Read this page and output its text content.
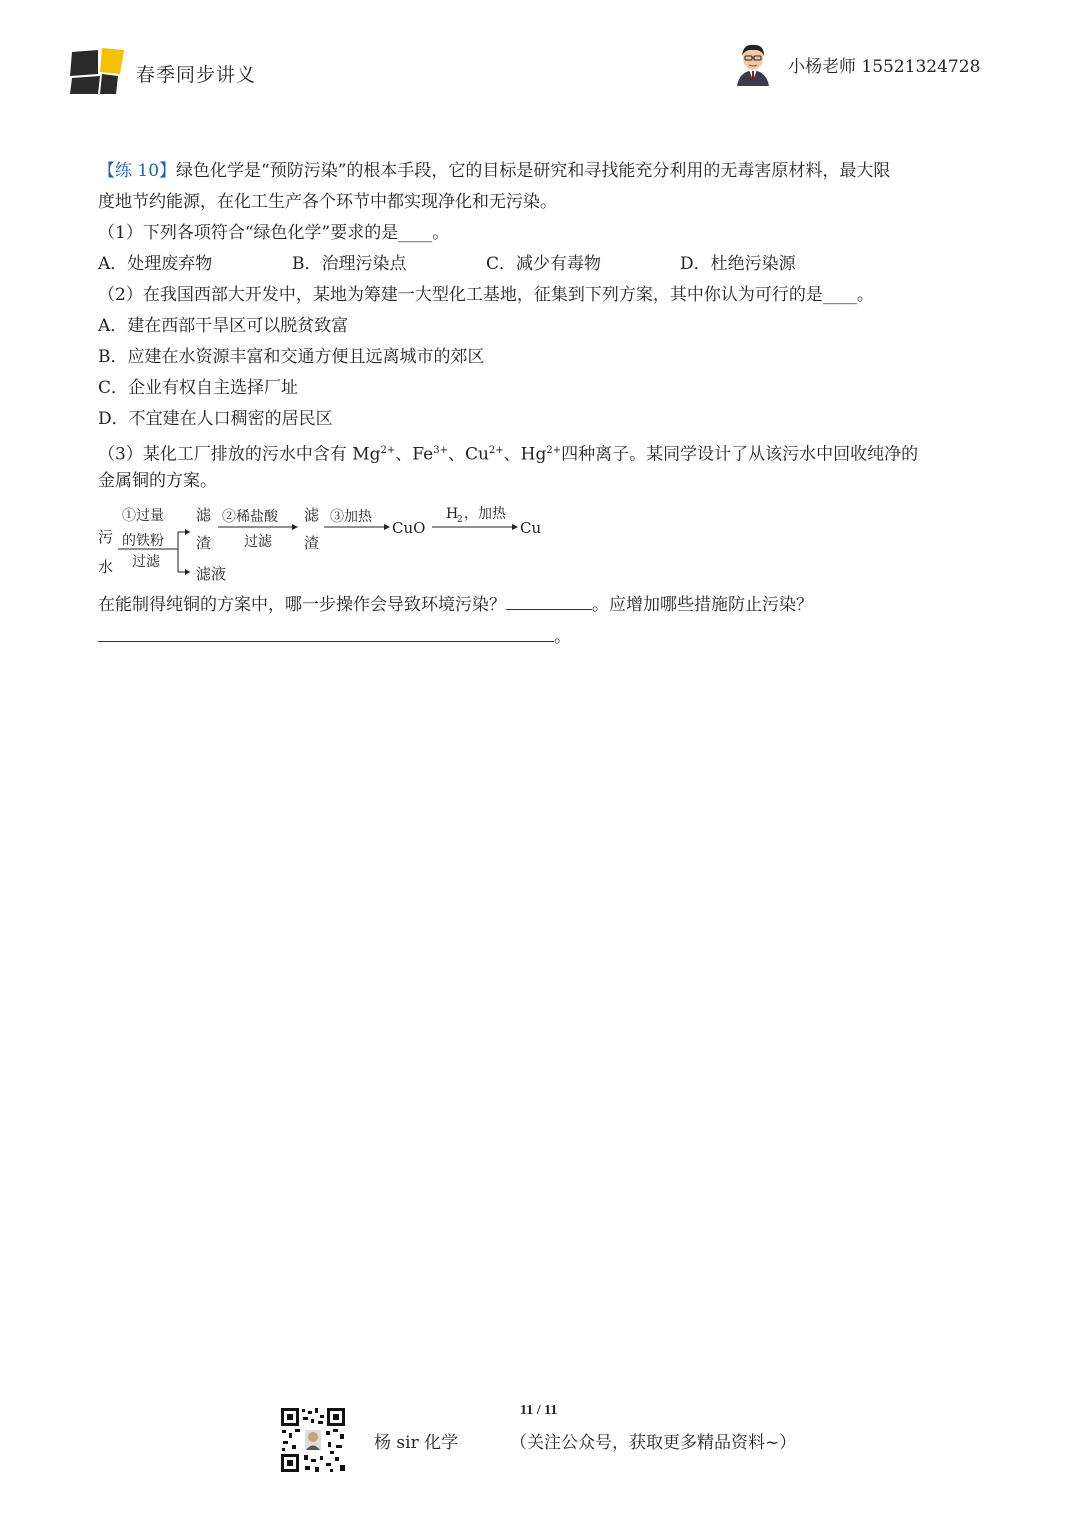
春季同步讲义	小杨老师 15521324728
【练 10】绿色化学是“预防污染”的根本手段，它的目标是研究和寻找能充分利用的无毒害原材料，最大限
度地节约能源，在化工生产各个环节中都实现净化和无污染。
（1）下列各项符合“绿色化学”要求的是____。
A．处理废弃物	B．治理污染点	C．减少有毒物	D．杜绝污染源
（2）在我国西部大开发中，某地为筹建一大型化工基地，征集到下列方案，其中你认为可行的是____。
A．建在西部干旱区可以脱贫致富
B．应建在水资源丰富和交通方便且远离城市的郊区
C．企业有权自主选择厂址
D．不宜建在人口稠密的居民区
（3）某化工厂排放的污水中含有 $Mg^{2+}$、$Fe^{3+}$、$Cu^{2+}$、$Hg^{2+}$四种离子。某同学设计了从该污水中回收纯净的
金属铜的方案。
污
水
①过量
的铁粉
过滤
滤
渣
滤液
②稀盐酸
过滤
滤
渣
③加热
CuO
H
2 ，加热
Cu
在能制得纯铜的方案中，哪一步操作会导致环境污染？	。应增加哪些措施防止污染？
。
11 / 11
杨 sir 化学	（关注公众号，获取更多精品资料~）
